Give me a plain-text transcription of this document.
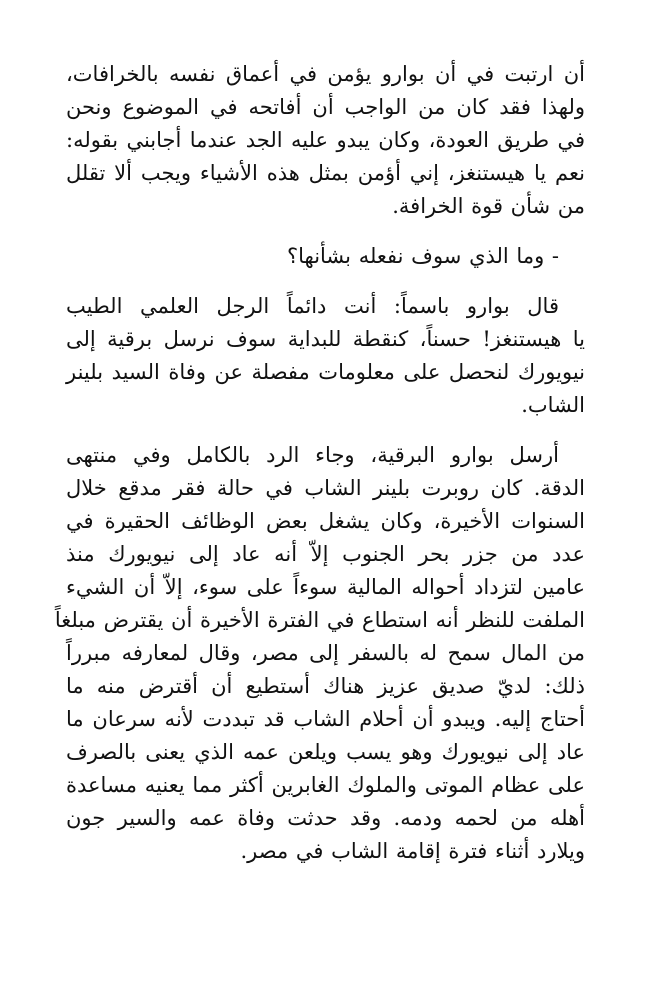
أن ارتبت في أن بوارو يؤمن في أعماق نفسه بالخرافات،
ولهذا فقد كان من الواجب أن أفاتحه في الموضوع ونحن
في طريق العودة، وكان يبدو عليه الجد عندما أجابني بقوله:
نعم يا هيستنغز، إني أؤمن بمثل هذه الأشياء ويجب ألا تقلل
من شأن قوة الخرافة.
- وما الذي سوف نفعله بشأنها؟
قال بوارو باسماً: أنت دائماً الرجل العلمي الطيب
يا هيستنغز! حسناً، كنقطة للبداية سوف نرسل برقية إلى
نيويورك لنحصل على معلومات مفصلة عن وفاة السيد بلينر
الشاب.
أرسل بوارو البرقية، وجاء الرد بالكامل وفي منتهى
الدقة. كان روبرت بلينر الشاب في حالة فقر مدقع خلال
السنوات الأخيرة، وكان يشغل بعض الوظائف الحقيرة في
عدد من جزر بحر الجنوب إلاّ أنه عاد إلى نيويورك منذ
عامين لتزداد أحواله المالية سوءاً على سوء، إلاّ أن الشيء
الملفت للنظر أنه استطاع في الفترة الأخيرة أن يقترض مبلغاً
من المال سمح له بالسفر إلى مصر، وقال لمعارفه مبرراً
ذلك: لديّ صديق عزيز هناك أستطيع أن أقترض منه ما
أحتاج إليه. ويبدو أن أحلام الشاب قد تبددت لأنه سرعان ما
عاد إلى نيويورك وهو يسب ويلعن عمه الذي يعنى بالصرف
على عظام الموتى والملوك الغابرين أكثر مما يعنيه مساعدة
أهله من لحمه ودمه. وقد حدثت وفاة عمه والسير جون
ويلارد أثناء فترة إقامة الشاب في مصر.
